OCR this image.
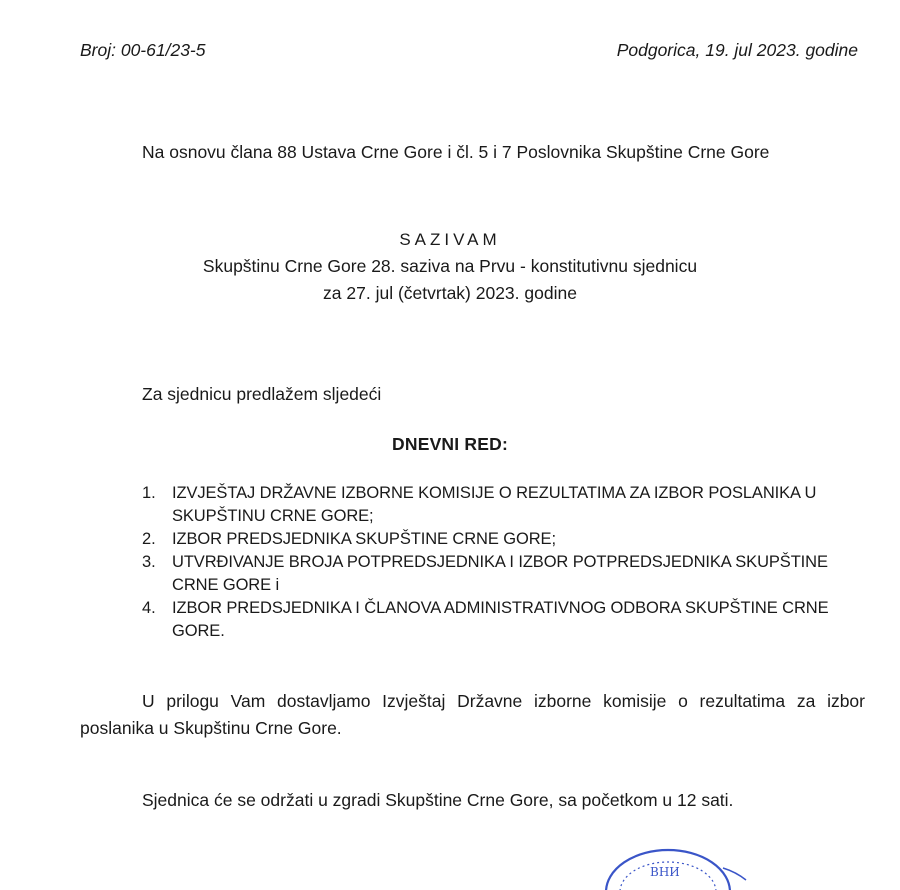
Broj: 00-61/23-5	Podgorica, 19. jul 2023. godine
Na osnovu člana 88 Ustava Crne Gore i čl. 5 i 7 Poslovnika Skupštine Crne Gore
SAZIVAM
Skupštinu Crne Gore 28. saziva na Prvu - konstitutivnu sjednicu
za 27. jul (četvrtak) 2023. godine
Za sjednicu predlažem sljedeći
DNEVNI RED:
1. IZVJEŠTAJ DRŽAVNE IZBORNE KOMISIJE O REZULTATIMA ZA IZBOR POSLANIKA U SKUPŠTINU CRNE GORE;
2. IZBOR PREDSJEDNIKA SKUPŠTINE CRNE GORE;
3. UTVRĐIVANJE BROJA POTPREDSJEDNIKA I IZBOR POTPREDSJEDNIKA SKUPŠTINE CRNE GORE i
4. IZBOR PREDSJEDNIKA I ČLANOVA ADMINISTRATIVNOG ODBORA SKUPŠTINE CRNE GORE.
U prilogu Vam dostavljamo Izvještaj Državne izborne komisije o rezultatima za izbor poslanika u Skupštinu Crne Gore.
Sjednica će se održati u zgradi Skupštine Crne Gore, sa početkom u 12 sati.
ВНИ
